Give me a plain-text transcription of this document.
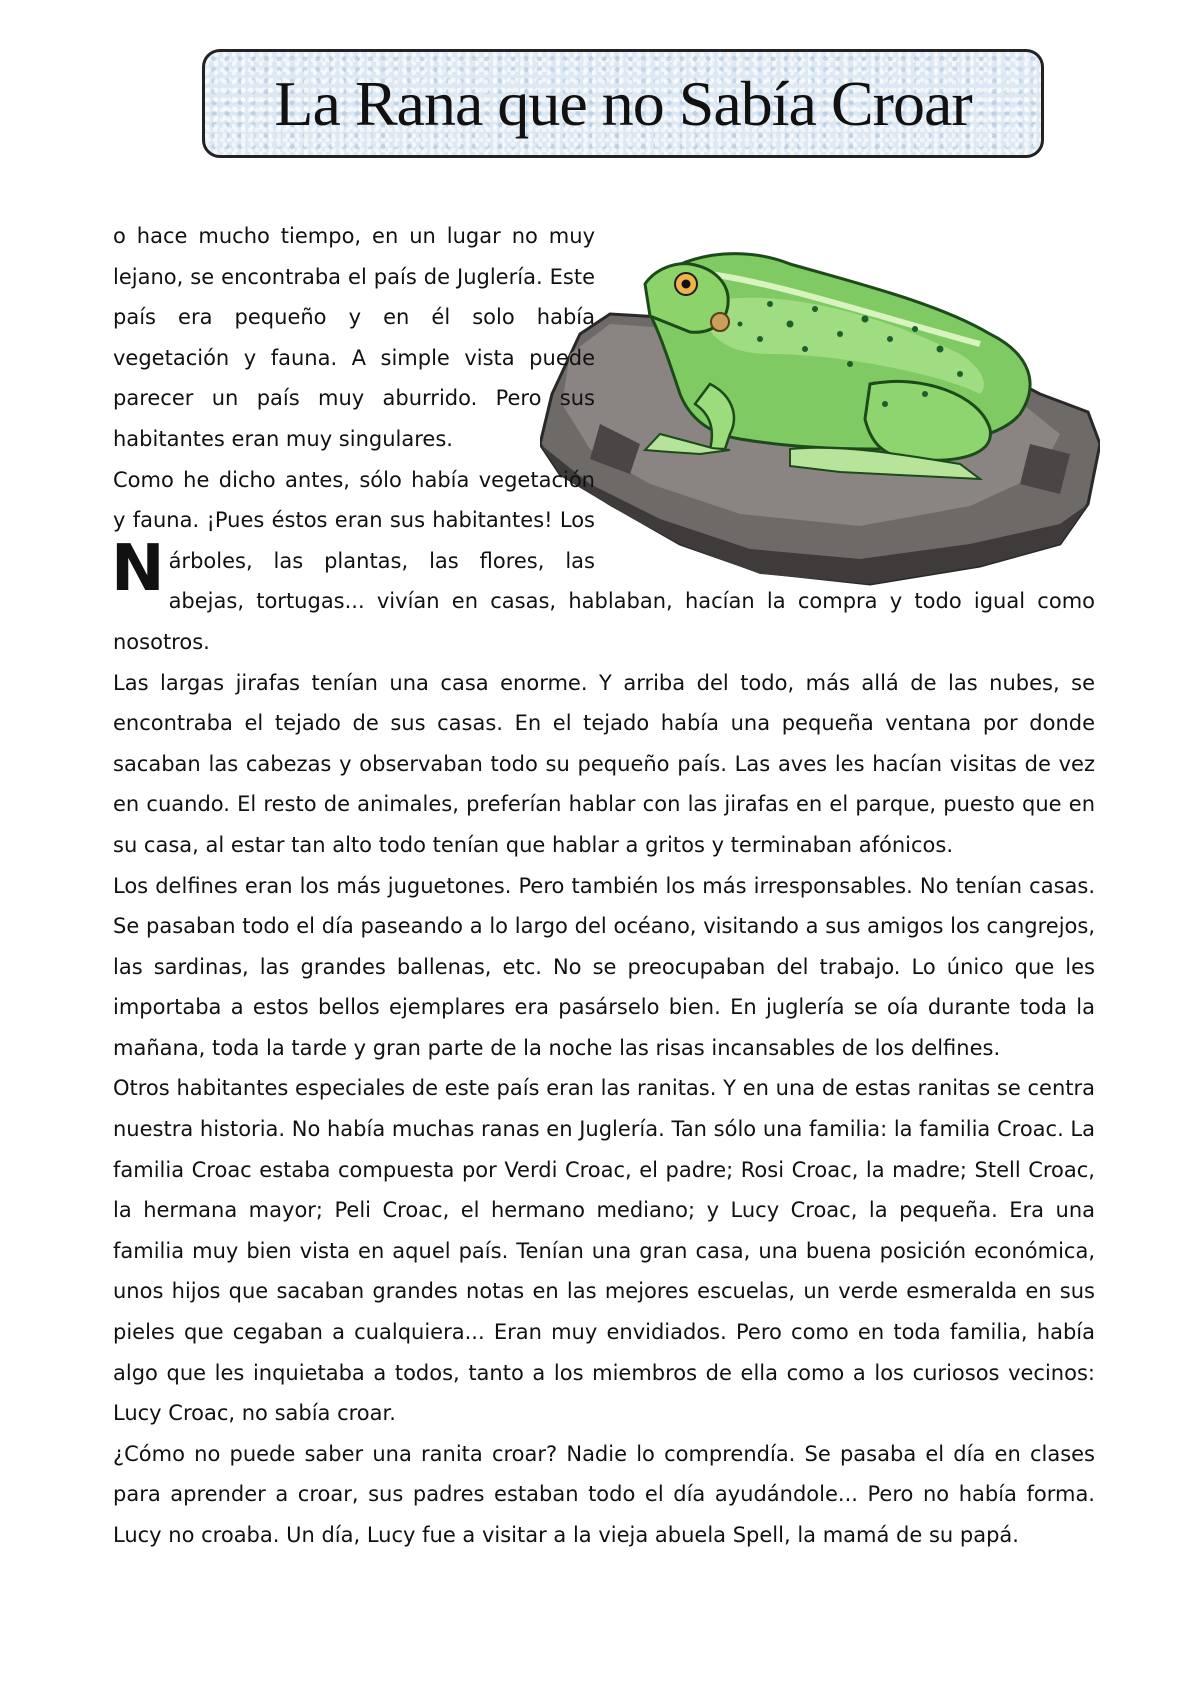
La Rana que no Sabía Croar

N
o hace mucho tiempo, en un lugar no muy lejano, se encontraba el país de Juglería. Este país era pequeño y en él solo había vegetación y fauna. A simple vista puede parecer un país muy aburrido. Pero sus habitantes eran muy singulares.

Como he dicho antes, sólo había vegetación y fauna. ¡Pues éstos eran sus habitantes! Los árboles, las plantas, las flores, las abejas, tortugas... vivían en casas, hablaban, hacían la compra y todo igual como nosotros.

Las largas jirafas tenían una casa enorme. Y arriba del todo, más allá de las nubes, se encontraba el tejado de sus casas. En el tejado había una pequeña ventana por donde sacaban las cabezas y observaban todo su pequeño país. Las aves les hacían visitas de vez en cuando. El resto de animales, preferían hablar con las jirafas en el parque, puesto que en su casa, al estar tan alto todo tenían que hablar a gritos y terminaban afónicos.

Los delfines eran los más juguetones. Pero también los más irresponsables. No tenían casas. Se pasaban todo el día paseando a lo largo del océano, visitando a sus amigos los cangrejos, las sardinas, las grandes ballenas, etc. No se preocupaban del trabajo. Lo único que les importaba a estos bellos ejemplares era pasárselo bien. En juglería se oía durante toda la mañana, toda la tarde y gran parte de la noche las risas incansables de los delfines.

Otros habitantes especiales de este país eran las ranitas. Y en una de estas ranitas se centra nuestra historia. No había muchas ranas en Juglería. Tan sólo una familia: la familia Croac. La familia Croac estaba compuesta por Verdi Croac, el padre; Rosi Croac, la madre; Stell Croac, la hermana mayor; Peli Croac, el hermano mediano; y Lucy Croac, la pequeña. Era una familia muy bien vista en aquel país. Tenían una gran casa, una buena posición económica, unos hijos que sacaban grandes notas en las mejores escuelas, un verde esmeralda en sus pieles que cegaban a cualquiera... Eran muy envidiados. Pero como en toda familia, había algo que les inquietaba a todos, tanto a los miembros de ella como a los curiosos vecinos: Lucy Croac, no sabía croar.

¿Cómo no puede saber una ranita croar? Nadie lo comprendía. Se pasaba el día en clases para aprender a croar, sus padres estaban todo el día ayudándole... Pero no había forma. Lucy no croaba. Un día, Lucy fue a visitar a la vieja abuela Spell, la mamá de su papá.
